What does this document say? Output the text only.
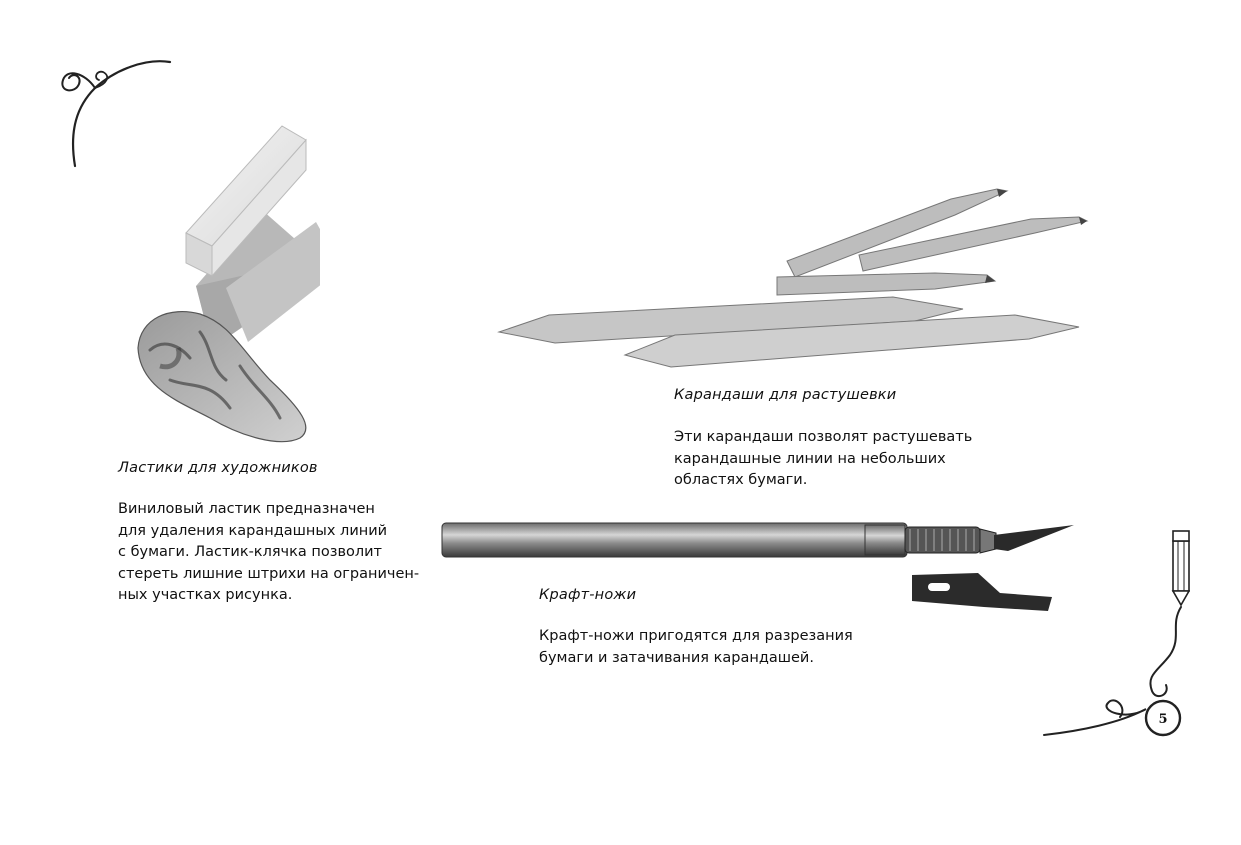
Ластики для художников
Виниловый ластик предназначен
для удаления карандашных линий
с бумаги. Ластик-клячка позволит
стереть лишние штрихи на ограничен-
ных участках рисунка.
Карандаши для растушевки
Эти карандаши позволят растушевать
карандашные линии на небольших
областях бумаги.
Крафт-ножи
Крафт-ножи пригодятся для разрезания
бумаги и затачивания карандашей.
5
